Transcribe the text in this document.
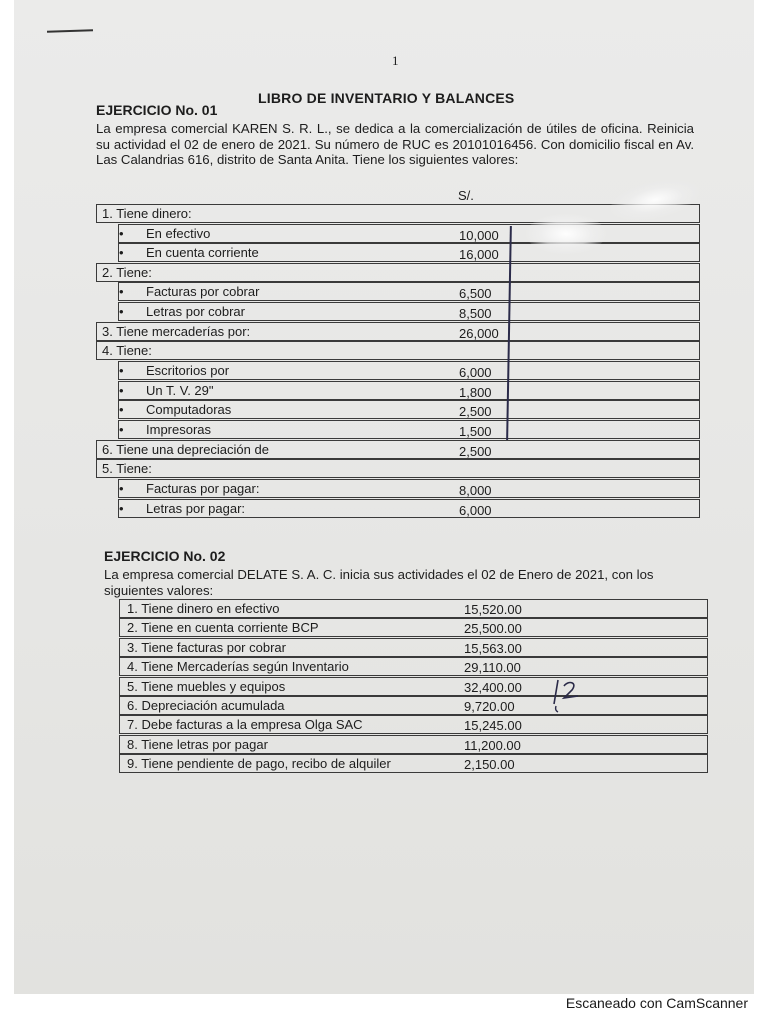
1
LIBRO DE INVENTARIO Y BALANCES
EJERCICIO No. 01
La empresa comercial KAREN S. R. L., se dedica a la comercialización de útiles de oficina. Reinicia su actividad el 02 de enero de 2021. Su número de RUC es 20101016456. Con domicilio fiscal en Av. Las Calandrias 616, distrito de Santa Anita. Tiene los siguientes valores:
S/.
1. Tiene dinero:
• En efectivo	10,000
• En cuenta corriente	16,000
2. Tiene:
• Facturas por cobrar	6,500
• Letras por cobrar	8,500
3. Tiene mercaderías por:	26,000
4. Tiene:
• Escritorios por	6,000
• Un T. V. 29"	1,800
• Computadoras	2,500
• Impresoras	1,500
6. Tiene una depreciación de	2,500
5. Tiene:
• Facturas por pagar:	8,000
• Letras por pagar:	6,000
EJERCICIO No. 02
La empresa comercial DELATE S. A. C. inicia sus actividades el 02 de Enero de 2021, con los siguientes valores:
1. Tiene dinero en efectivo	15,520.00
2. Tiene en cuenta corriente BCP	25,500.00
3. Tiene facturas por cobrar	15,563.00
4. Tiene Mercaderías según Inventario	29,110.00
5. Tiene muebles y equipos	32,400.00
6. Depreciación acumulada	9,720.00
7. Debe facturas a la empresa Olga SAC	15,245.00
8. Tiene letras por pagar	11,200.00
9. Tiene pendiente de pago, recibo de alquiler	2,150.00
Escaneado con CamScanner
